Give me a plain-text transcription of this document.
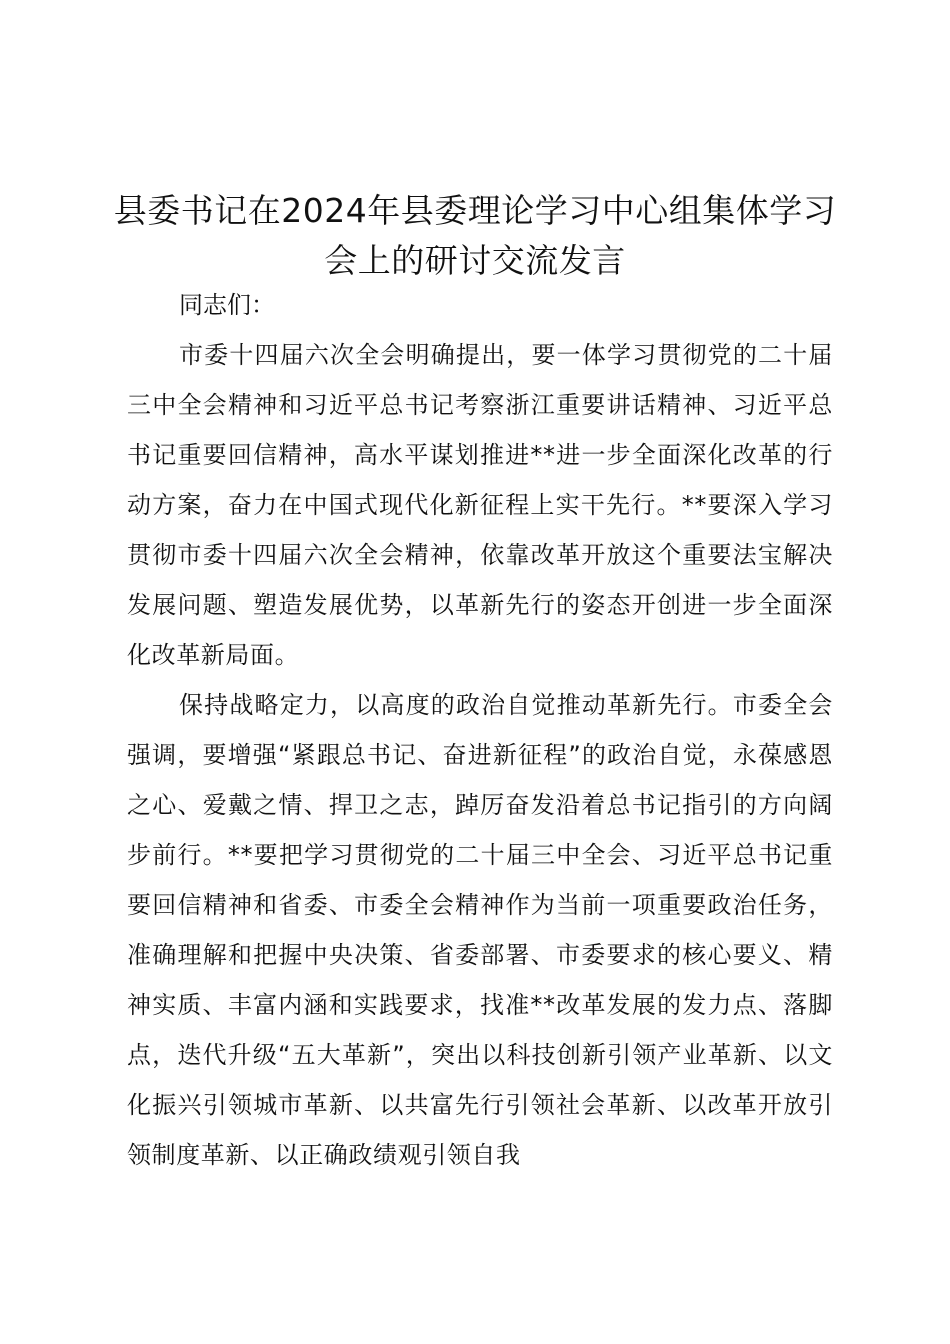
县委书记在2024年县委理论学习中心组集体学习会上的研讨交流发言

同志们：

市委十四届六次全会明确提出，要一体学习贯彻党的二十届三中全会精神和习近平总书记考察浙江重要讲话精神、习近平总书记重要回信精神，高水平谋划推进**进一步全面深化改革的行动方案，奋力在中国式现代化新征程上实干先行。**要深入学习贯彻市委十四届六次全会精神，依靠改革开放这个重要法宝解决发展问题、塑造发展优势，以革新先行的姿态开创进一步全面深化改革新局面。

保持战略定力，以高度的政治自觉推动革新先行。市委全会强调，要增强“紧跟总书记、奋进新征程”的政治自觉，永葆感恩之心、爱戴之情、捍卫之志，踔厉奋发沿着总书记指引的方向阔步前行。**要把学习贯彻党的二十届三中全会、习近平总书记重要回信精神和省委、市委全会精神作为当前一项重要政治任务，准确理解和把握中央决策、省委部署、市委要求的核心要义、精神实质、丰富内涵和实践要求，找准**改革发展的发力点、落脚点，迭代升级“五大革新”，突出以科技创新引领产业革新、以文化振兴引领城市革新、以共富先行引领社会革新、以改革开放引领制度革新、以正确政绩观引领自我
